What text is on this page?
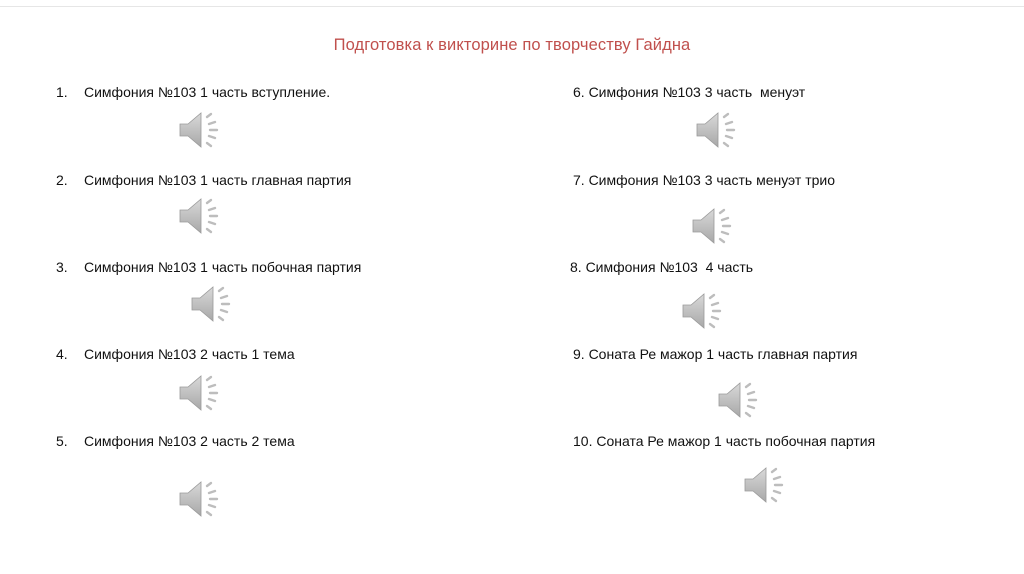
Подготовка к викторине по творчеству Гайдна
1. Симфония №103 1 часть вступление.
2. Симфония №103 1 часть главная партия
3. Симфония №103 1 часть побочная партия
4. Симфония №103 2 часть 1 тема
5. Симфония №103 2 часть 2 тема
6. Симфония №103 3 часть  менуэт
7. Симфония №103 3 часть менуэт трио
8. Симфония №103  4 часть
9. Соната Ре мажор 1 часть главная партия
10. Соната Ре мажор 1 часть побочная партия
